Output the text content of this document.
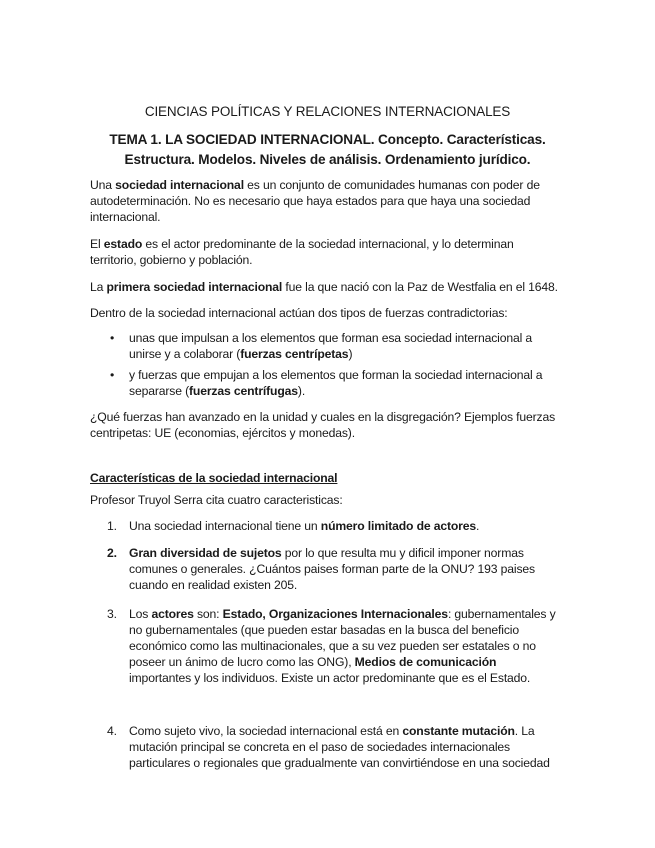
CIENCIAS POLÍTICAS Y RELACIONES INTERNACIONALES
TEMA 1. LA SOCIEDAD INTERNACIONAL. Concepto. Características.
Estructura. Modelos. Niveles de análisis. Ordenamiento jurídico.
Una sociedad internacional es un conjunto de comunidades humanas con poder de autodeterminación. No es necesario que haya estados para que haya una sociedad internacional.
El estado es el actor predominante de la sociedad internacional, y lo determinan territorio, gobierno y población.
La primera sociedad internacional fue la que nació con la Paz de Westfalia en el 1648.
Dentro de la sociedad internacional actúan dos tipos de fuerzas contradictorias:
• unas que impulsan a los elementos que forman esa sociedad internacional a unirse y a colaborar (fuerzas centrípetas)
• y fuerzas que empujan a los elementos que forman la sociedad internacional a separarse (fuerzas centrífugas).
¿Qué fuerzas han avanzado en la unidad y cuales en la disgregación? Ejemplos fuerzas centripetas: UE (economias, ejércitos y monedas).
Características de la sociedad internacional
Profesor Truyol Serra cita cuatro caracteristicas:
1. Una sociedad internacional tiene un número limitado de actores.
2. Gran diversidad de sujetos por lo que resulta mu y dificil imponer normas comunes o generales. ¿Cuántos paises forman parte de la ONU? 193 paises cuando en realidad existen 205.
3. Los actores son: Estado, Organizaciones Internacionales: gubernamentales y no gubernamentales (que pueden estar basadas en la busca del beneficio económico como las multinacionales, que a su vez pueden ser estatales o no poseer un ánimo de lucro como las ONG), Medios de comunicación importantes y los individuos. Existe un actor predominante que es el Estado.
4. Como sujeto vivo, la sociedad internacional está en constante mutación. La mutación principal se concreta en el paso de sociedades internacionales particulares o regionales que gradualmente van convirtiéndose en una sociedad
